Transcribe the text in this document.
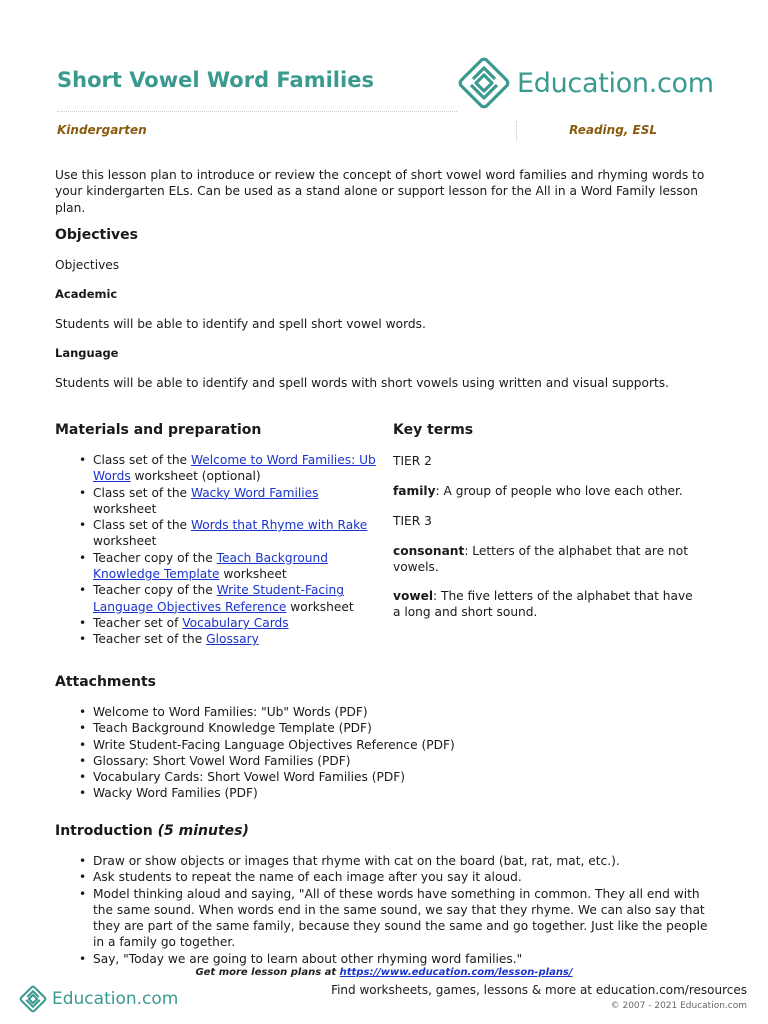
Short Vowel Word Families	Education.com
Kindergarten	Reading, ESL
Use this lesson plan to introduce or review the concept of short vowel word families and rhyming words to your kindergarten ELs. Can be used as a stand alone or support lesson for the All in a Word Family lesson plan.
Objectives
Objectives
Academic
Students will be able to identify and spell short vowel words.
Language
Students will be able to identify and spell words with short vowels using written and visual supports.
Materials and preparation
• Class set of the Welcome to Word Families: Ub Words worksheet (optional)
• Class set of the Wacky Word Families worksheet
• Class set of the Words that Rhyme with Rake worksheet
• Teacher copy of the Teach Background Knowledge Template worksheet
• Teacher copy of the Write Student-Facing Language Objectives Reference worksheet
• Teacher set of Vocabulary Cards
• Teacher set of the Glossary
Key terms
TIER 2
family: A group of people who love each other.
TIER 3
consonant: Letters of the alphabet that are not vowels.
vowel: The five letters of the alphabet that have a long and short sound.
Attachments
• Welcome to Word Families: "Ub" Words (PDF)
• Teach Background Knowledge Template (PDF)
• Write Student-Facing Language Objectives Reference (PDF)
• Glossary: Short Vowel Word Families (PDF)
• Vocabulary Cards: Short Vowel Word Families (PDF)
• Wacky Word Families (PDF)
Introduction (5 minutes)
• Draw or show objects or images that rhyme with cat on the board (bat, rat, mat, etc.).
• Ask students to repeat the name of each image after you say it aloud.
• Model thinking aloud and saying, "All of these words have something in common. They all end with the same sound. When words end in the same sound, we say that they rhyme. We can also say that they are part of the same family, because they sound the same and go together. Just like the people in a family go together.
• Say, "Today we are going to learn about other rhyming word families."
Get more lesson plans at https://www.education.com/lesson-plans/
Education.com	Find worksheets, games, lessons & more at education.com/resources
© 2007 - 2021 Education.com
